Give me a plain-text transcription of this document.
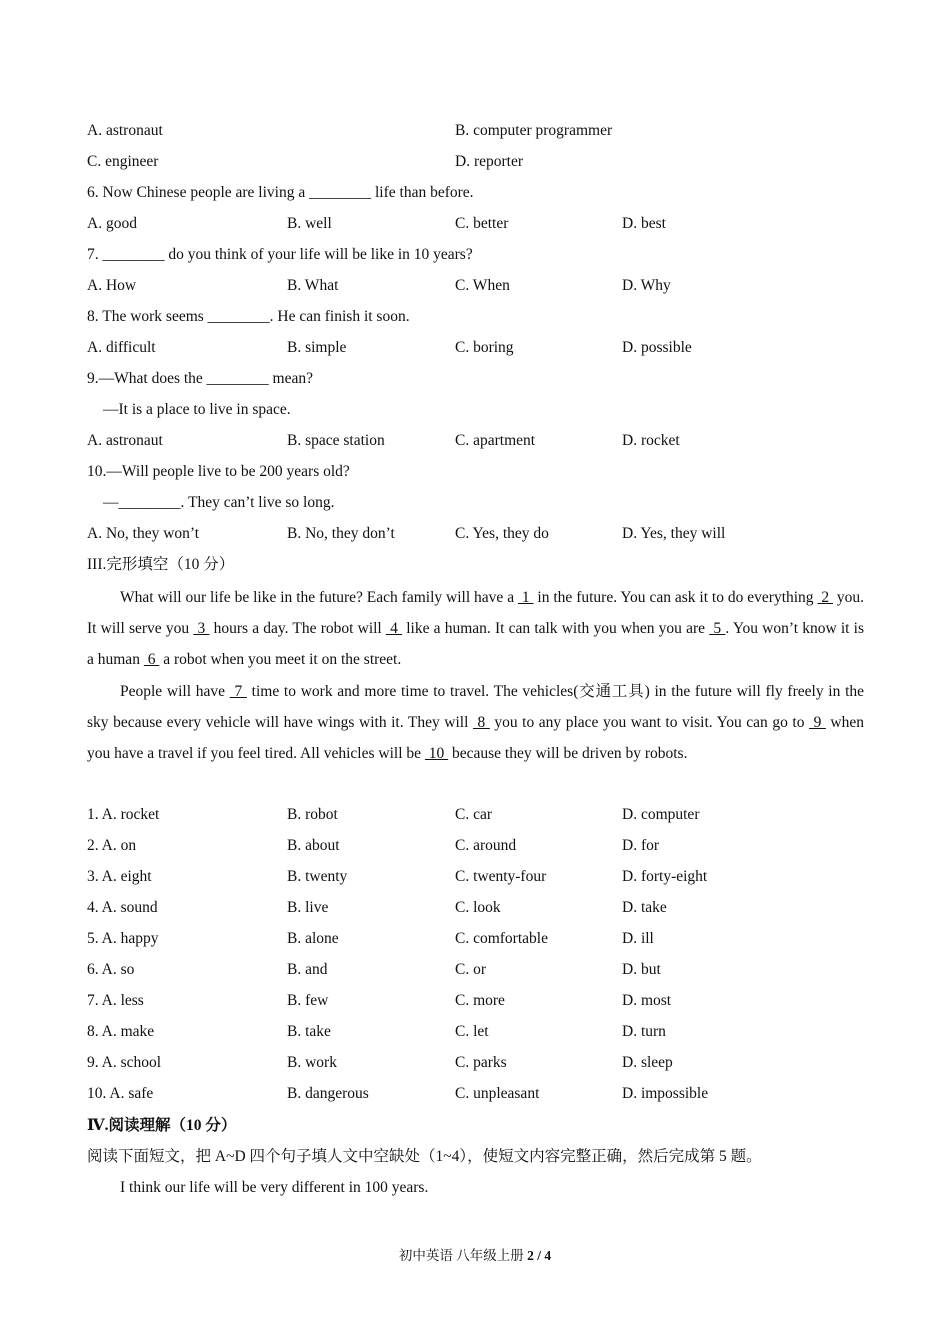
A. astronaut	B. computer programmer
C. engineer	D. reporter
6. Now Chinese people are living a ________ life than before.
A. good	B. well	C. better	D. best
7. ________ do you think of your life will be like in 10 years?
A. How	B. What	C. When	D. Why
8. The work seems ________. He can finish it soon.
A. difficult	B. simple	C. boring	D. possible
9.—What does the ________ mean?
—It is a place to live in space.
A. astronaut	B. space station	C. apartment	D. rocket
10.—Will people live to be 200 years old?
—________. They can’t live so long.
A. No, they won’t	B. No, they don’t	C. Yes, they do	D. Yes, they will
III.完形填空（10 分）
What will our life be like in the future? Each family will have a  1  in the future. You can ask it to do everything  2  you. It will serve you  3  hours a day. The robot will  4  like a human. It can talk with you when you are  5 . You won’t know it is a human  6  a robot when you meet it on the street.
People will have  7  time to work and more time to travel. The vehicles(交通工具) in the future will fly freely in the sky because every vehicle will have wings with it. They will  8  you to any place you want to visit. You can go to  9  when you have a travel if you feel tired. All vehicles will be  10  because they will be driven by robots.
1. A. rocket	B. robot	C. car	D. computer
2. A. on	B. about	C. around	D. for
3. A. eight	B. twenty	C. twenty-four	D. forty-eight
4. A. sound	B. live	C. look	D. take
5. A. happy	B. alone	C. comfortable	D. ill
6. A. so	B. and	C. or	D. but
7. A. less	B. few	C. more	D. most
8. A. make	B. take	C. let	D. turn
9. A. school	B. work	C. parks	D. sleep
10. A. safe	B. dangerous	C. unpleasant	D. impossible
Ⅳ.阅读理解（10 分）
阅读下面短文，把 A~D 四个句子填人文中空缺处（1~4），使短文内容完整正确，然后完成第 5 题。
I think our life will be very different in 100 years.
初中英语 八年级上册 2 / 4
